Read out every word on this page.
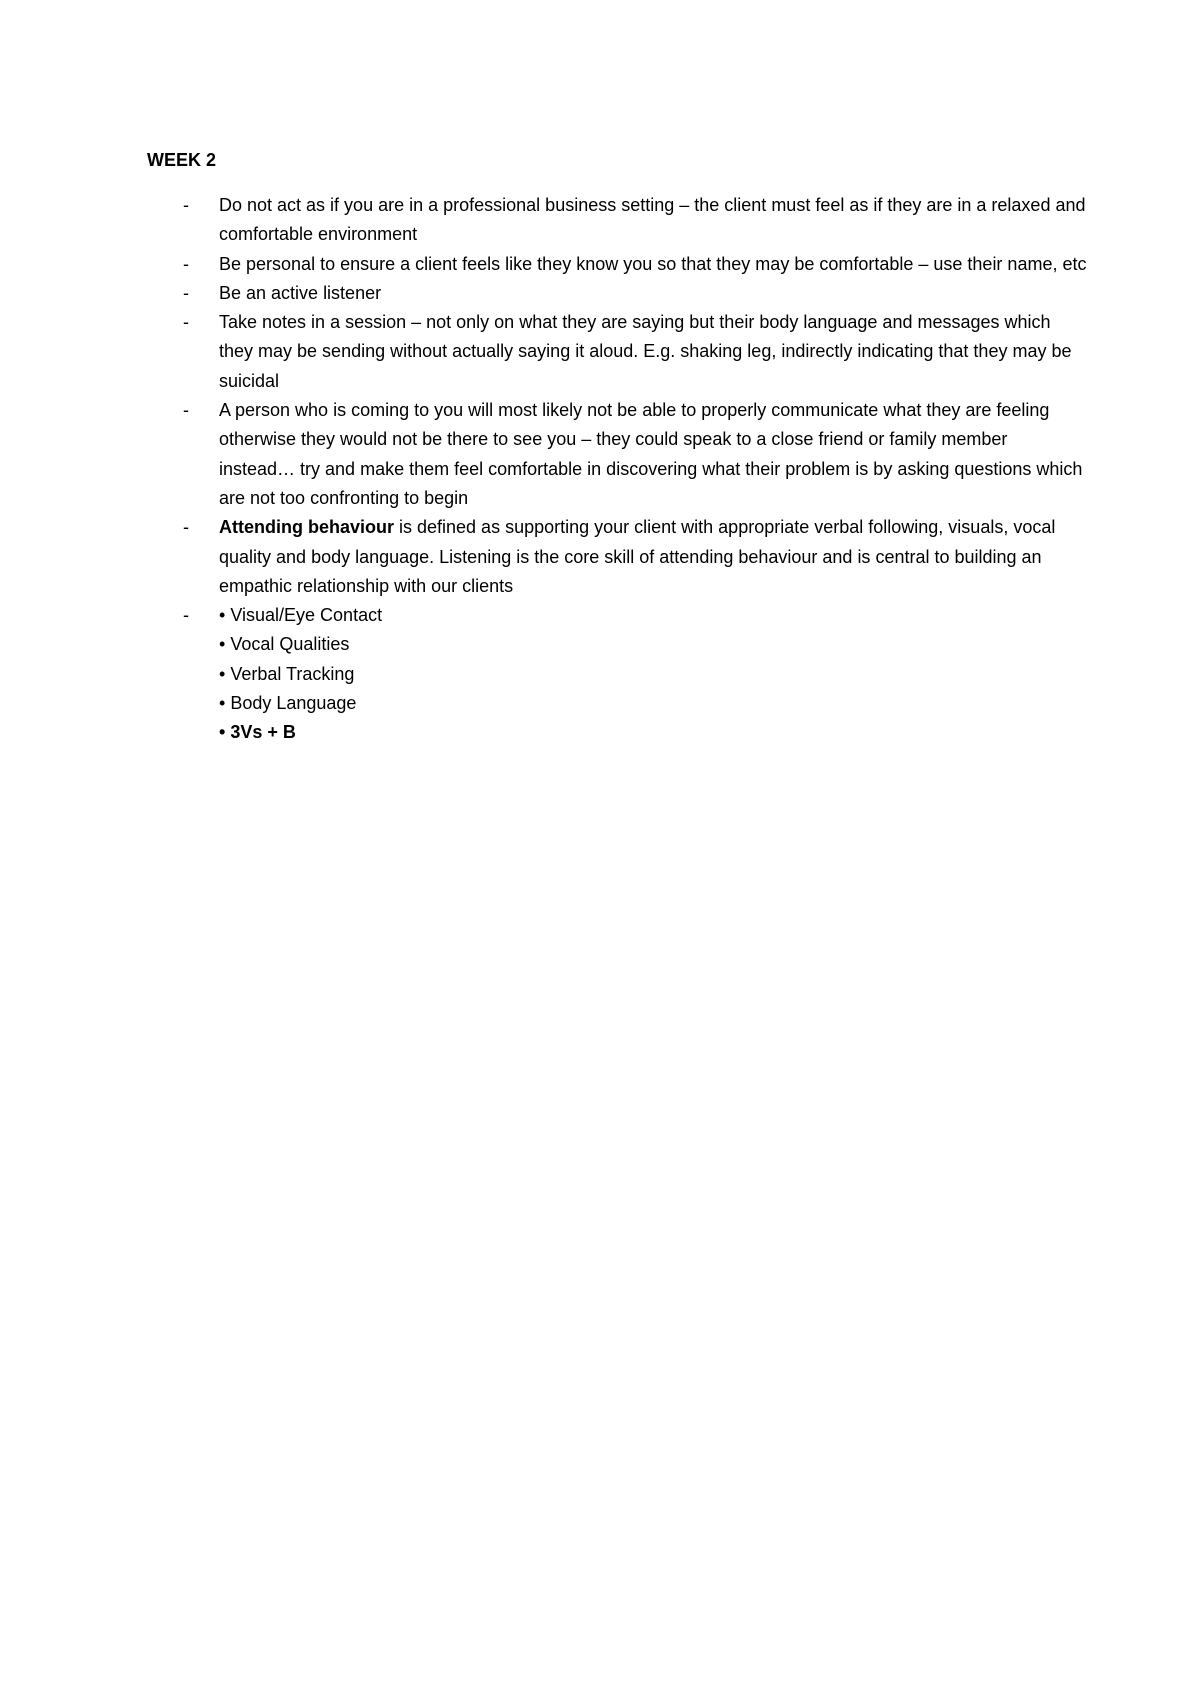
WEEK 2

- Do not act as if you are in a professional business setting – the client must feel as if they are in a relaxed and comfortable environment
- Be personal to ensure a client feels like they know you so that they may be comfortable – use their name, etc
- Be an active listener
- Take notes in a session – not only on what they are saying but their body language and messages which they may be sending without actually saying it aloud. E.g. shaking leg, indirectly indicating that they may be suicidal
- A person who is coming to you will most likely not be able to properly communicate what they are feeling otherwise they would not be there to see you – they could speak to a close friend or family member instead… try and make them feel comfortable in discovering what their problem is by asking questions which are not too confronting to begin
- Attending behaviour is defined as supporting your client with appropriate verbal following, visuals, vocal quality and body language. Listening is the core skill of attending behaviour and is central to building an empathic relationship with our clients
- • Visual/Eye Contact
• Vocal Qualities
• Verbal Tracking
• Body Language
• 3Vs + B
